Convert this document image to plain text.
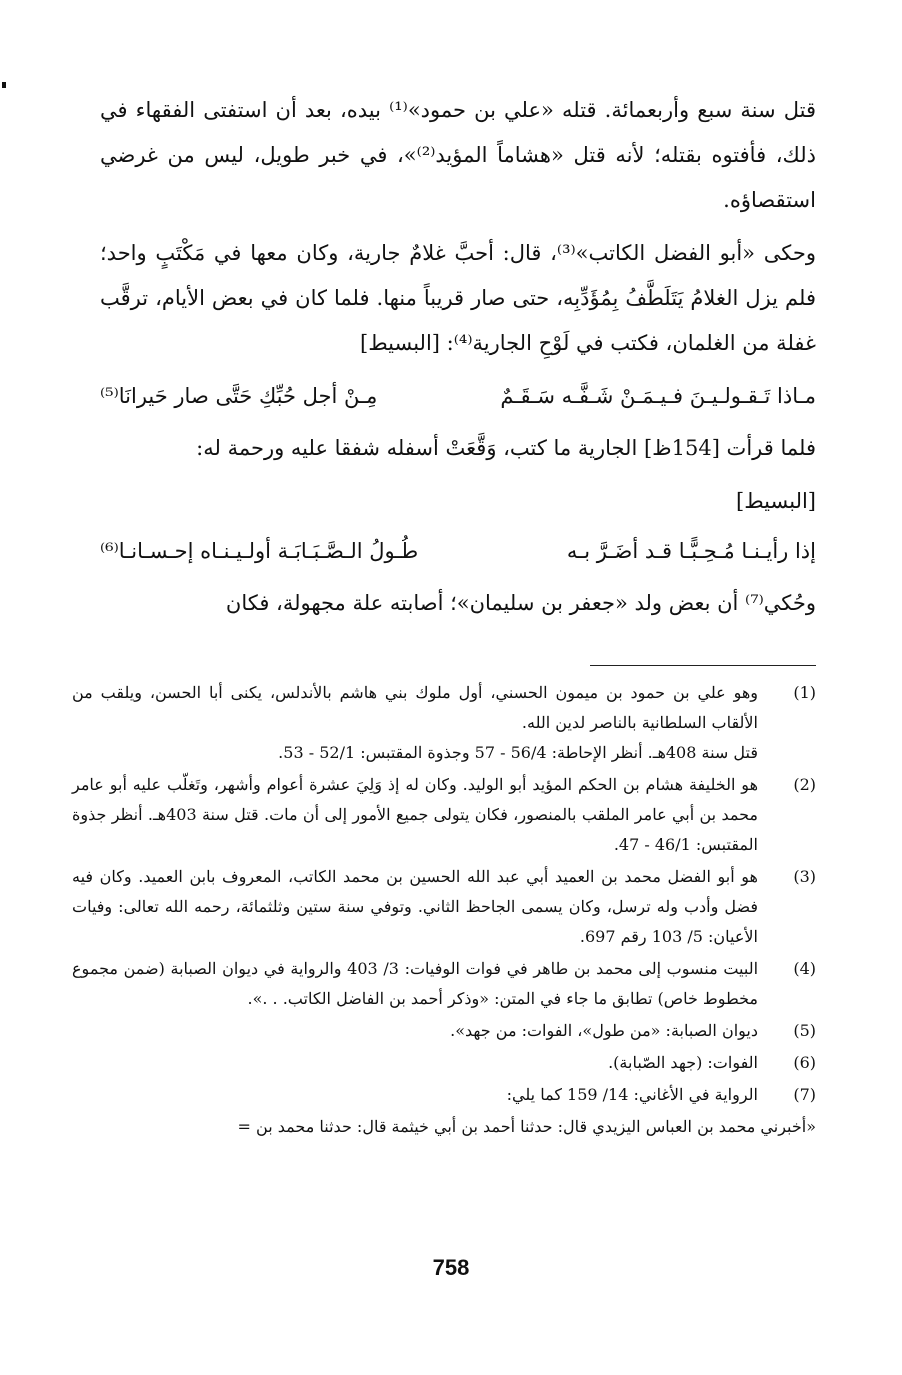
قتل سنة سبع وأربعمائة. قتله «علي بن حمود»⁽¹⁾ بيده، بعد أن استفتى الفقهاء في ذلك، فأفتوه بقتله؛ لأنه قتل «هشاماً المؤيد⁽²⁾»، في خبر طويل، ليس من غرضي استقصاؤه.

وحكى «أبو الفضل الكاتب»⁽³⁾، قال: أحبَّ غلامٌ جارية، وكان معها في مَكْتَبٍ واحد؛ فلم يزل الغلامُ يَتَلَطَّفُ بِمُؤَدِّبِه، حتى صار قريباً منها. فلما كان في بعض الأيام، ترقَّب غفلة من الغلمان، فكتب في لَوْحِ الجارية⁽⁴⁾: [البسيط]

مـاذا تَـقـولـيـنَ فـيـمَـنْ شَـفَّـه سَـقَـمٌ
مِـنْ أجل حُبِّكِ حَتَّى صار حَيرانَا⁽⁵⁾

فلما قرأت [154ظ] الجارية ما كتب، وَقَّعَتْ أسفله شفقا عليه ورحمة له:

[البسيط]
إذا رأيـنـا مُـحِـبًّـا قـد أضَـرَّ بـه
طُـولُ الـصَّـبَـابَـة أولـيـنـاه إحـسـانـا⁽⁶⁾

وحُكي⁽⁷⁾ أن بعض ولد «جعفر بن سليمان»؛ أصابته علة مجهولة، فكان

(1)
وهو علي بن حمود بن ميمون الحسني، أول ملوك بني هاشم بالأندلس، يكنى أبا الحسن، ويلقب من الألقاب السلطانية بالناصر لدين الله.
قتل سنة 408هـ. أنظر الإحاطة: 56/4 - 57 وجذوة المقتبس: 52/1 - 53.
(2)
هو الخليفة هشام بن الحكم المؤيد أبو الوليد. وكان له إذ وَلِيَ عشرة أعوام وأشهر، وتَغلّب عليه أبو عامر محمد بن أبي عامر الملقب بالمنصور، فكان يتولى جميع الأمور إلى أن مات. قتل سنة 403هـ. أنظر جذوة المقتبس: 46/1 - 47.
(3)
هو أبو الفضل محمد بن العميد أبي عبد الله الحسين بن محمد الكاتب، المعروف بابن العميد. وكان فيه فضل وأدب وله ترسل، وكان يسمى الجاحظ الثاني. وتوفي سنة ستين وثلثمائة، رحمه الله تعالى: وفيات الأعيان: 5/ 103 رقم 697.
(4)
البيت منسوب إلى محمد بن طاهر في فوات الوفيات: 3/ 403 والرواية في ديوان الصبابة (ضمن مجموع مخطوط خاص) تطابق ما جاء في المتن: «وذكر أحمد بن الفاضل الكاتب. . .».
(5)
ديوان الصبابة: «من طول»، الفوات: من جهد».
(6)
الفوات: (جهد الصّبابة).
(7)
الرواية في الأغاني: 14/ 159 كما يلي:
«أخبرني محمد بن العباس اليزيدي قال: حدثنا أحمد بن أبي خيثمة قال: حدثنا محمد بن =
758
